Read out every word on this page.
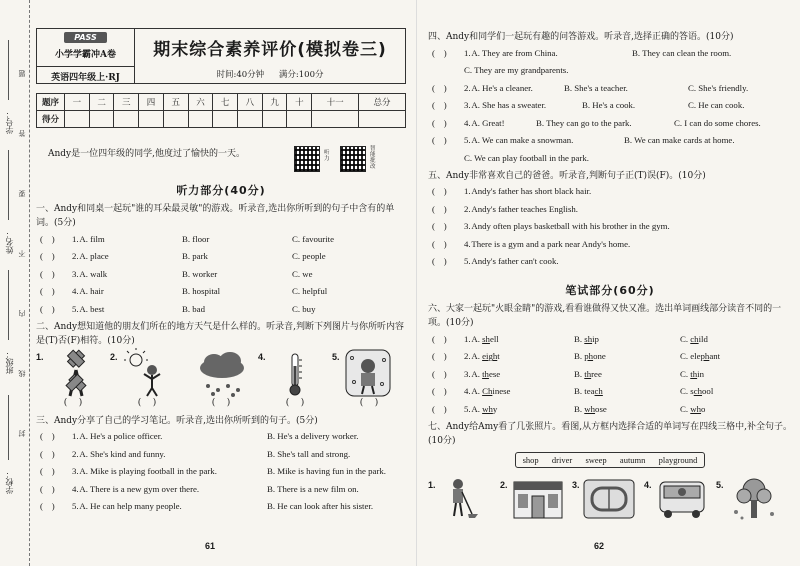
学校：
班级：
姓名：
学号：
封
线
内
不
要
答
题
PASS
小学学霸冲A卷
英语四年级上·RJ
期末综合素养评价(模拟卷三)
时间:40分钟 满分:100分
题序	一	二	三	四	五	六	七	八	九	十	十一	总分
得分												

Andy是一位四年级的同学,他度过了愉快的一天。	听力
智能批改
听力部分(40分)

一、Andy和同桌一起玩"谁的耳朵最灵敏"的游戏。听录音,选出你所听到的句子中含有的单词。(5分)

(    )	1. A. film	B. floor	C. favourite
(    )	2. A. place	B. park	C. people
(    )	3. A. walk	B. worker	C. we
(    )	4. A. hair	B. hospital	C. helpful
(    )	5. A. best	B. bad	C. buy

二、Andy想知道他的朋友们所在的地方天气是什么样的。听录音,判断下列图片与你所听内容是(T)否(F)相符。(10分)

1.	2.	4.	5.
(    )	(    )	(    )	(    )	(    )

三、Andy分享了自己的学习笔记。听录音,选出你所听到的句子。(5分)

(    )	1. A. He's a police officer.	B. He's a delivery worker.
(    )	2. A. She's kind and funny.	B. She's tall and strong.
(    )	3. A. Mike is playing football in the park.	B. Mike is having fun in the park.
(    )	4. A. There is a new gym over there.	B. There is a new film on.
(    )	5. A. He can help many people.	B. He can look after his sister.

四、Andy和同学们一起玩有趣的问答游戏。听录音,选择正确的答语。(10分)

(    )	1. A. They are from China.	B. They can clean the room.
C. They are my grandparents.
(    )	2. A. He's a cleaner.	B. She's a teacher.	C. She's friendly.
(    )	3. A. She has a sweater.	B. He's a cook.	C. He can cook.
(    )	4. A. Great!	B. They can go to the park.	C. I can do some chores.
(    )	5. A. We can make a snowman.	B. We can make cards at home.
C. We can play football in the park.

五、Andy非常喜欢自己的爸爸。听录音,判断句子正(T)误(F)。(10分)

(    )	1. Andy's father has short black hair.
(    )	2. Andy's father teaches English.
(    )	3. Andy often plays basketball with his brother in the gym.
(    )	4. There is a gym and a park near Andy's home.
(    )	5. Andy's father can't cook.
笔试部分(60分)

六、大家一起玩"火眼金睛"的游戏,看看谁做得又快又准。选出单词画线部分读音不同的一项。(10分)

(    )	1. A. shell	B. ship	C. child
(    )	2. A. eight	B. phone	C. elephant
(    )	3. A. these	B. three	C. thin
(    )	4. A. Chinese	B. teach	C. school
(    )	5. A. why	B. whose	C. who

七、Andy给Amy看了几张照片。看图,从方框内选择合适的单词写在四线三格中,补全句子。(10分)

shop driver sweep autumn playground
1.	2.	3.	4.	5.
61	62
